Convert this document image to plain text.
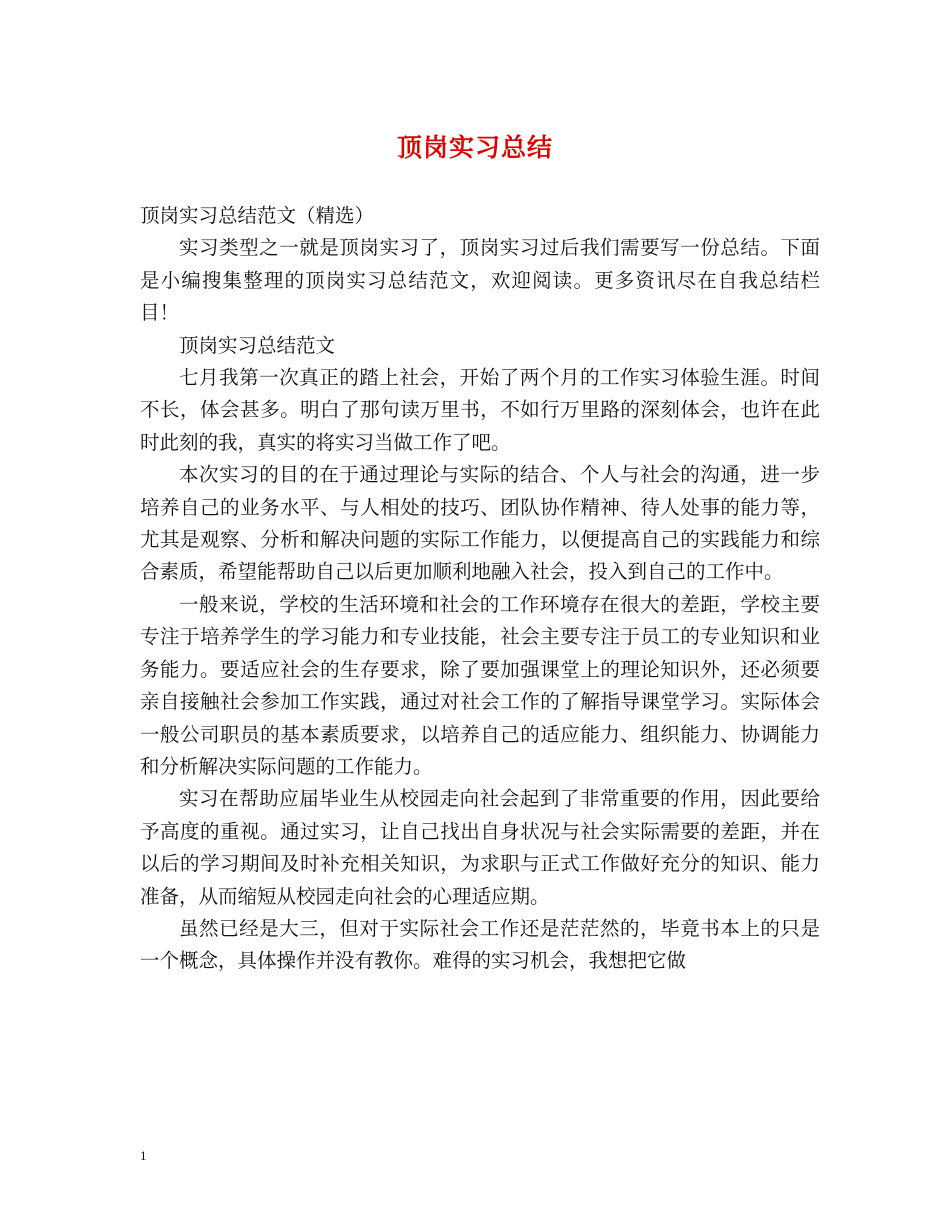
顶岗实习总结

顶岗实习总结范文（精选）

实习类型之一就是顶岗实习了，顶岗实习过后我们需要写一份总结。下面是小编搜集整理的顶岗实习总结范文，欢迎阅读。更多资讯尽在自我总结栏目！

顶岗实习总结范文

七月我第一次真正的踏上社会，开始了两个月的工作实习体验生涯。时间不长，体会甚多。明白了那句读万里书，不如行万里路的深刻体会，也许在此时此刻的我，真实的将实习当做工作了吧。

本次实习的目的在于通过理论与实际的结合、个人与社会的沟通，进一步培养自己的业务水平、与人相处的技巧、团队协作精神、待人处事的能力等，尤其是观察、分析和解决问题的实际工作能力，以便提高自己的实践能力和综合素质，希望能帮助自己以后更加顺利地融入社会，投入到自己的工作中。

一般来说，学校的生活环境和社会的工作环境存在很大的差距，学校主要专注于培养学生的学习能力和专业技能，社会主要专注于员工的专业知识和业务能力。要适应社会的生存要求，除了要加强课堂上的理论知识外，还必须要亲自接触社会参加工作实践，通过对社会工作的了解指导课堂学习。实际体会一般公司职员的基本素质要求，以培养自己的适应能力、组织能力、协调能力和分析解决实际问题的工作能力。

实习在帮助应届毕业生从校园走向社会起到了非常重要的作用，因此要给予高度的重视。通过实习，让自己找出自身状况与社会实际需要的差距，并在以后的学习期间及时补充相关知识，为求职与正式工作做好充分的知识、能力准备，从而缩短从校园走向社会的心理适应期。

虽然已经是大三，但对于实际社会工作还是茫茫然的，毕竟书本上的只是一个概念，具体操作并没有教你。难得的实习机会，我想把它做

1
